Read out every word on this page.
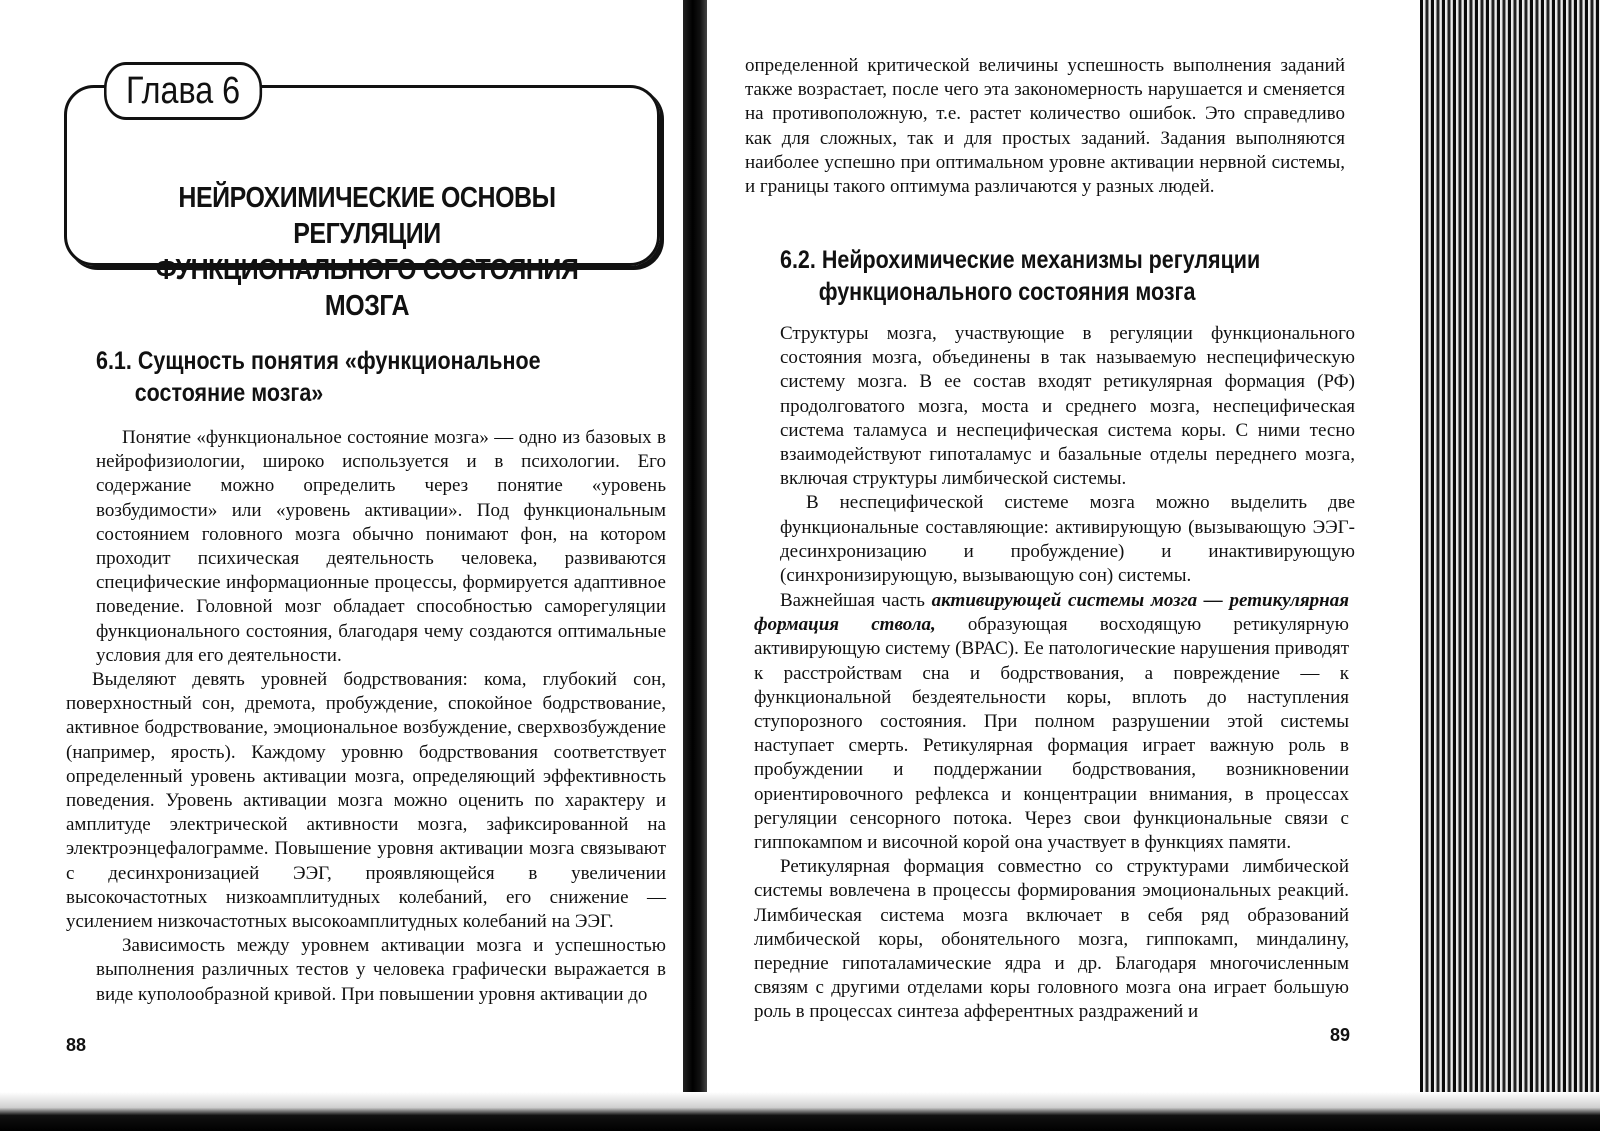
НЕЙРОХИМИЧЕСКИЕ ОСНОВЫ РЕГУЛЯЦИИ
ФУНКЦИОНАЛЬНОГО СОСТОЯНИЯ МОЗГА
Глава 6
6.1. Сущность понятия «функциональное
состояние мозга»

Понятие «функциональное состояние мозга» — одно из базовых в нейрофизиологии, широко используется и в психологии. Его содержание можно определить через понятие «уровень возбудимости» или «уровень активации». Под функциональным состоянием головного мозга обычно понимают фон, на котором проходит психическая деятельность человека, развиваются специфические информационные процессы, формируется адаптивное поведение. Головной мозг обладает способностью саморегуляции функционального состояния, благодаря чему создаются оптимальные условия для его деятельности.

Выделяют девять уровней бодрствования: кома, глубокий сон, поверхностный сон, дремота, пробуждение, спокойное бодрствование, активное бодрствование, эмоциональное возбуждение, сверхвозбуждение (например, ярость). Каждому уровню бодрствования соответствует определенный уровень активации мозга, определяющий эффективность поведения. Уровень активации мозга можно оценить по характеру и амплитуде электрической активности мозга, зафиксированной на электроэнцефалограмме. Повышение уровня активации мозга связывают с десинхронизацией ЭЭГ, проявляющейся в увеличении высокочастотных низкоамплитудных колебаний, его снижение — усилением низкочастотных высокоамплитудных колебаний на ЭЭГ.

Зависимость между уровнем активации мозга и успешностью выполнения различных тестов у человека графически выражается в виде куполообразной кривой. При повышении уровня активации до

88

определенной критической величины успешность выполнения заданий также возрастает, после чего эта закономерность нарушается и сменяется на противоположную, т.е. растет количество ошибок. Это справедливо как для сложных, так и для простых заданий. Задания выполняются наиболее успешно при оптимальном уровне активации нервной системы, и границы такого оптимума различаются у разных людей.

6.2. Нейрохимические механизмы регуляции
функционального состояния мозга

Структуры мозга, участвующие в регуляции функционального состояния мозга, объединены в так называемую неспецифическую систему мозга. В ее состав входят ретикулярная формация (РФ) продолговатого мозга, моста и среднего мозга, неспецифическая система таламуса и неспецифическая система коры. С ними тесно взаимодействуют гипоталамус и базальные отделы переднего мозга, включая структуры лимбической системы.

В неспецифической системе мозга можно выделить две функциональные составляющие: активирующую (вызывающую ЭЭГ-десинхронизацию и пробуждение) и инактивирующую (синхронизирующую, вызывающую сон) системы.

Важнейшая часть активирующей системы мозга — ретикулярная формация ствола, образующая восходящую ретикулярную активирующую систему (ВРАС). Ее патологические нарушения приводят к расстройствам сна и бодрствования, а повреждение — к функциональной бездеятельности коры, вплоть до наступления ступорозного состояния. При полном разрушении этой системы наступает смерть. Ретикулярная формация играет важную роль в пробуждении и поддержании бодрствования, возникновении ориентировочного рефлекса и концентрации внимания, в процессах регуляции сенсорного потока. Через свои функциональные связи с гиппокампом и височной корой она участвует в функциях памяти.

Ретикулярная формация совместно со структурами лимбической системы вовлечена в процессы формирования эмоциональных реакций. Лимбическая система мозга включает в себя ряд образований лимбической коры, обонятельного мозга, гиппокамп, миндалину, передние гипоталамические ядра и др. Благодаря многочисленным связям с другими отделами коры головного мозга она играет большую роль в процессах синтеза афферентных раздражений и

89
